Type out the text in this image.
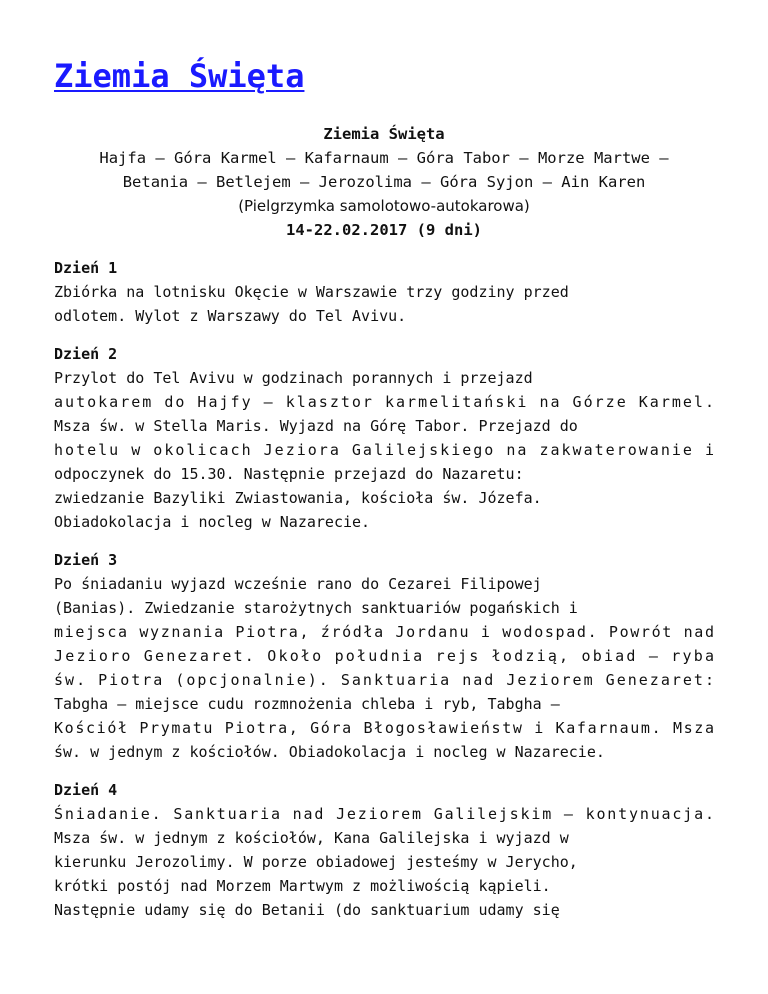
Ziemia Święta
Ziemia Święta
Hajfa – Góra Karmel – Kafarnaum – Góra Tabor – Morze Martwe –
Betania – Betlejem – Jerozolima – Góra Syjon – Ain Karen
(Pielgrzymka samolotowo-autokarowa)
14-22.02.2017 (9 dni)
Dzień 1
Zbiórka na lotnisku Okęcie w Warszawie trzy godziny przed
odlotem. Wylot z Warszawy do Tel Avivu.
Dzień 2
Przylot do Tel Avivu w godzinach porannych i przejazd
autokarem do Hajfy – klasztor karmelitański na Górze Karmel.
Msza św. w Stella Maris. Wyjazd na Górę Tabor. Przejazd do
hotelu w okolicach Jeziora Galilejskiego na zakwaterowanie i
odpoczynek do 15.30. Następnie przejazd do Nazaretu:
zwiedzanie Bazyliki Zwiastowania, kościoła św. Józefa.
Obiadokolacja i nocleg w Nazarecie.
Dzień 3
Po śniadaniu wyjazd wcześnie rano do Cezarei Filipowej
(Banias). Zwiedzanie starożytnych sanktuariów pogańskich i
miejsca wyznania Piotra, źródła Jordanu i wodospad. Powrót nad
Jezioro Genezaret. Około południa rejs łodzią, obiad – ryba
św. Piotra (opcjonalnie). Sanktuaria nad Jeziorem Genezaret:
Tabgha – miejsce cudu rozmnożenia chleba i ryb, Tabgha –
Kościół Prymatu Piotra, Góra Błogosławieństw i Kafarnaum. Msza
św. w jednym z kościołów. Obiadokolacja i nocleg w Nazarecie.
Dzień 4
Śniadanie. Sanktuaria nad Jeziorem Galilejskim – kontynuacja.
Msza św. w jednym z kościołów, Kana Galilejska i wyjazd w
kierunku Jerozolimy. W porze obiadowej jesteśmy w Jerycho,
krótki postój nad Morzem Martwym z możliwością kąpieli.
Następnie udamy się do Betanii (do sanktuarium udamy się
